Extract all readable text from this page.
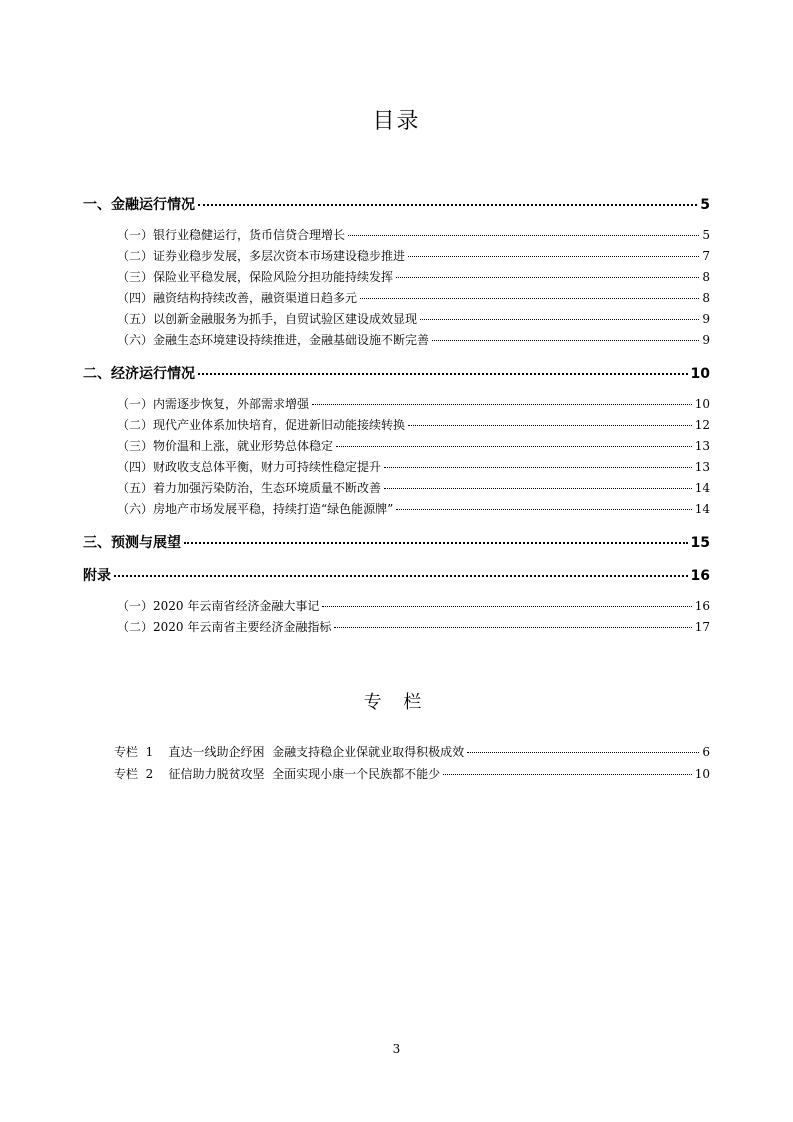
目录
一、金融运行情况	5
（一）银行业稳健运行，货币信贷合理增长	5
（二）证券业稳步发展，多层次资本市场建设稳步推进	7
（三）保险业平稳发展，保险风险分担功能持续发挥	8
（四）融资结构持续改善，融资渠道日趋多元	8
（五）以创新金融服务为抓手，自贸试验区建设成效显现	9
（六）金融生态环境建设持续推进，金融基础设施不断完善	9
二、经济运行情况	10
（一）内需逐步恢复，外部需求增强	10
（二）现代产业体系加快培育，促进新旧动能接续转换	12
（三）物价温和上涨，就业形势总体稳定	13
（四）财政收支总体平衡，财力可持续性稳定提升	13
（五）着力加强污染防治，生态环境质量不断改善	14
（六）房地产市场发展平稳，持续打造“绿色能源牌”	14
三、预测与展望	15
附录	16
（一）2020 年云南省经济金融大事记	16
（二）2020 年云南省主要经济金融指标	17
专 栏
专栏  1    直达一线助企纾困  金融支持稳企业保就业取得积极成效	6
专栏  2    征信助力脱贫攻坚  全面实现小康一个民族都不能少	10
3
